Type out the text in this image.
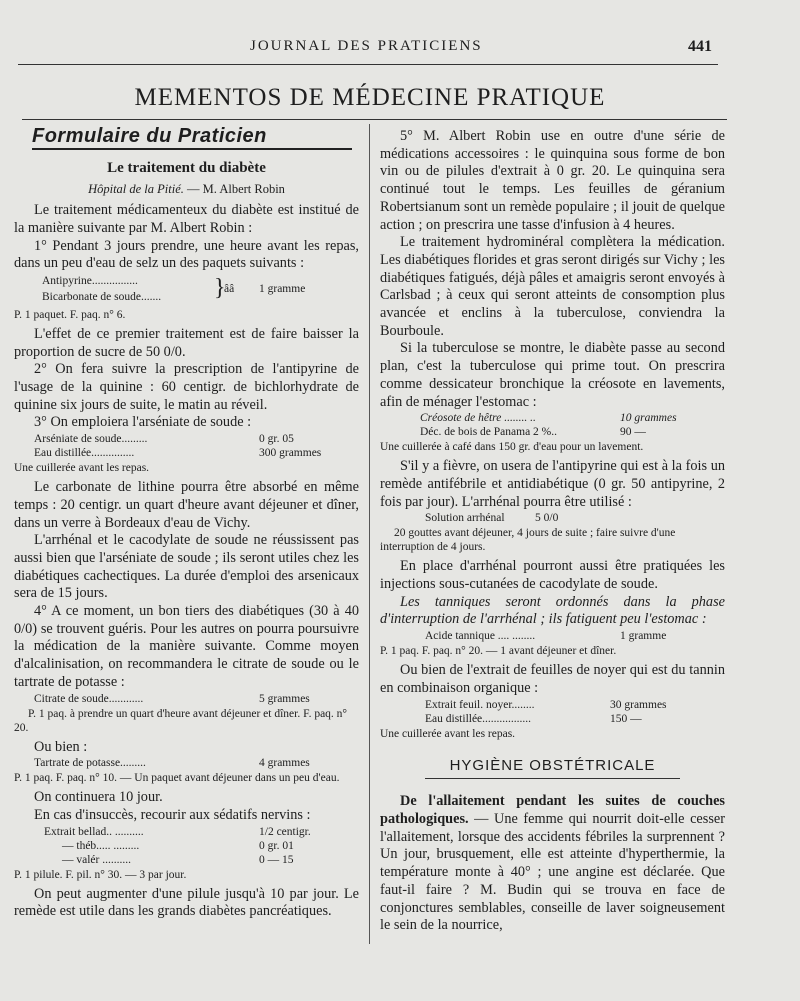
JOURNAL DES PRATICIENS	441
MEMENTOS DE MÉDECINE PRATIQUE
Formulaire du Praticien
Le traitement du diabète
Hôpital de la Pitié. — M. Albert Robin

Le traitement médicamenteux du diabète est institué de la manière suivante par M. Albert Robin :

1° Pendant 3 jours prendre, une heure avant les repas, dans un peu d'eau de selz un des paquets suivants :

Antipyrine................
Bicarbonate de soude....... }
ââ 1 gramme
P. 1 paquet. F. paq. n° 6.

L'effet de ce premier traitement est de faire baisser la proportion de sucre de 50 0/0.

2° On fera suivre la prescription de l'antipyrine de l'usage de la quinine : 60 centigr. de bichlorhydrate de quinine six jours de suite, le matin au réveil.

3° On emploiera l'arséniate de soude :

Arséniate de soude.........	0 gr. 05
Eau distillée...............	300 grammes
Une cuillerée avant les repas.

Le carbonate de lithine pourra être absorbé en même temps : 20 centigr. un quart d'heure avant déjeuner et dîner, dans un verre à Bordeaux d'eau de Vichy.

L'arrhénal et le cacodylate de soude ne réussissent pas aussi bien que l'arséniate de soude ; ils seront utiles chez les diabétiques cachectiques. La durée d'emploi des arsenicaux sera de 15 jours.

4° A ce moment, un bon tiers des diabétiques (30 à 40 0/0) se trouvent guéris. Pour les autres on pourra poursuivre la médication de la manière suivante. Comme moyen d'alcalinisation, on recommandera le citrate de soude ou le tartrate de potasse :

Citrate de soude............	5 grammes
P. 1 paq. à prendre un quart d'heure avant déjeuner et dîner. F. paq. n° 20.

Ou bien :

Tartrate de potasse.........	4 grammes
P. 1 paq. F. paq. n° 10. — Un paquet avant déjeuner dans un peu d'eau.

On continuera 10 jour.

En cas d'insuccès, recourir aux sédatifs nervins :

Extrait bellad.. ..........	1/2 centigr.
— théb..... .........	0 gr. 01
— valér ..........	0 — 15
P. 1 pilule. F. pil. n° 30. — 3 par jour.

On peut augmenter d'une pilule jusqu'à 10 par jour. Le remède est utile dans les grands diabètes pancréatiques.

5° M. Albert Robin use en outre d'une série de médications accessoires : le quinquina sous forme de bon vin ou de pilules d'extrait à 0 gr. 20. Le quinquina sera continué tout le temps. Les feuilles de géranium Robertsianum sont un remède populaire ; il jouit de quelque action ; on prescrira une tasse d'infusion à 4 heures.

Le traitement hydrominéral complètera la médication. Les diabétiques florides et gras seront dirigés sur Vichy ; les diabétiques fatigués, déjà pâles et amaigris seront envoyés à Carlsbad ; à ceux qui seront atteints de consomption plus avancée et enclins à la tuberculose, conviendra la Bourboule.

Si la tuberculose se montre, le diabète passe au second plan, c'est la tuberculose qui prime tout. On prescrira comme dessicateur bronchique la créosote en lavements, afin de ménager l'estomac :

Créosote de hêtre ........ ..	10 grammes
Déc. de bois de Panama 2 %..	90 —
Une cuillerée à café dans 150 gr. d'eau pour un lavement.

S'il y a fièvre, on usera de l'antipyrine qui est à la fois un remède antifébrile et antidiabétique (0 gr. 50 antipyrine, 2 fois par jour). L'arrhénal pourra être utilisé :

Solution arrhénal	5 0/0
20 gouttes avant déjeuner, 4 jours de suite ; faire suivre d'une interruption de 4 jours.

En place d'arrhénal pourront aussi être pratiquées les injections sous-cutanées de cacodylate de soude.

Les tanniques seront ordonnés dans la phase d'interruption de l'arrhénal ; ils fatiguent peu l'estomac :

Acide tannique .... ........	1 gramme
P. 1 paq. F. paq. n° 20. — 1 avant déjeuner et dîner.

Ou bien de l'extrait de feuilles de noyer qui est du tannin en combinaison organique :

Extrait feuil. noyer........	30 grammes
Eau distillée.................	150 —
Une cuillerée avant les repas.
HYGIÈNE OBSTÉTRICALE

De l'allaitement pendant les suites de couches pathologiques. — Une femme qui nourrit doit-elle cesser l'allaitement, lorsque des accidents fébriles la surprennent ? Un jour, brusquement, elle est atteinte d'hyperthermie, la température monte à 40° ; une angine est déclarée. Que faut-il faire ? M. Budin qui se trouva en face de conjonctures semblables, conseille de laver soigneusement le sein de la nourrice,
